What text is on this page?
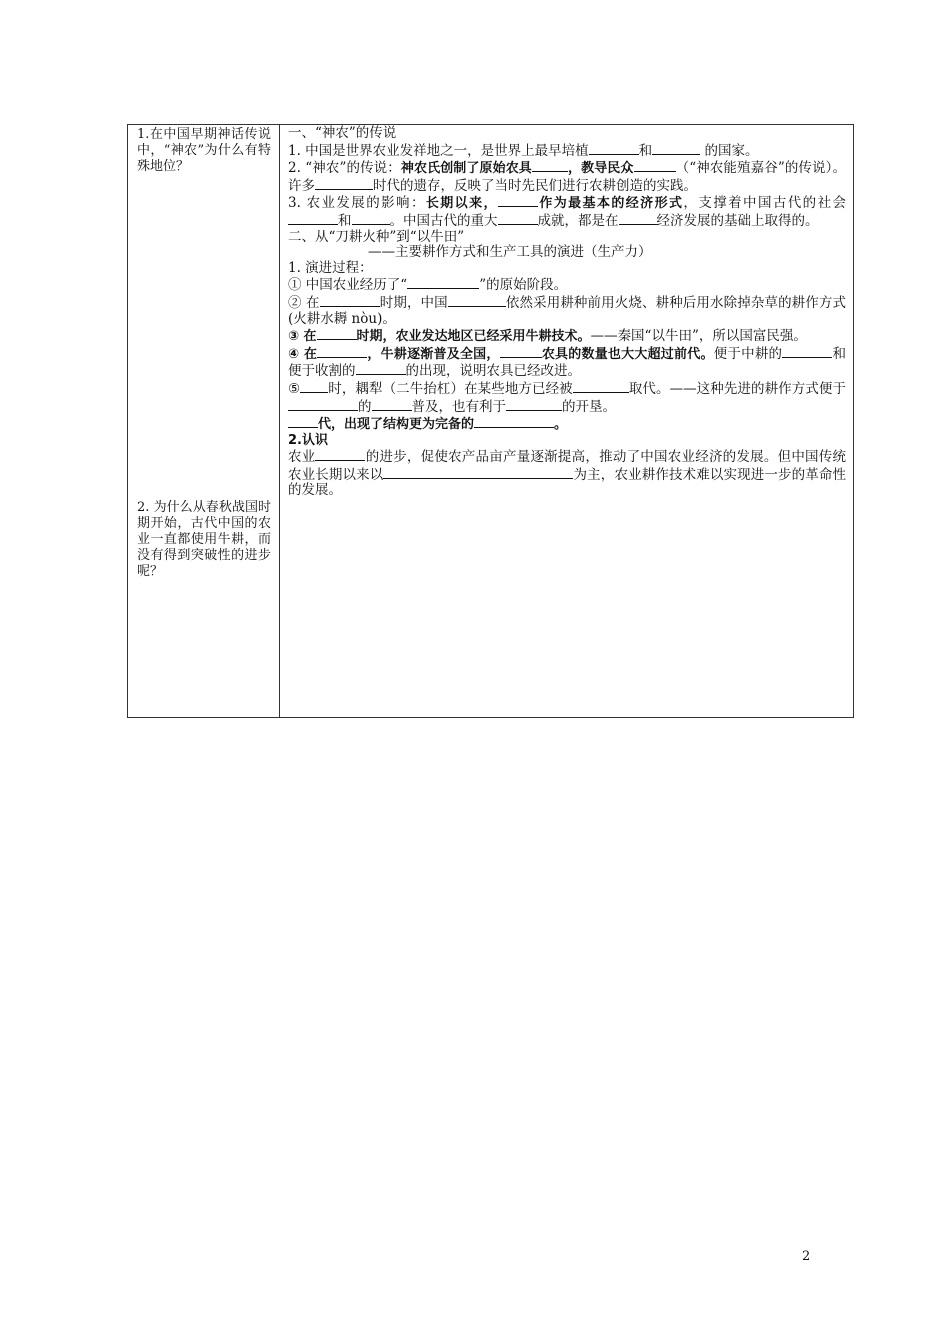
1.在中国早期神话传说中，“神农”为什么有特殊地位？
2. 为什么从春秋战国时期开始，古代中国的农业一直都使用牛耕，而没有得到突破性的进步呢？

一、“神农”的传说

1. 中国是世界农业发祥地之一，是世界上最早培植	和	的国家。

2. “神农”的传说：神农氏创制了原始农具	，教导民众	（“神农能殖嘉谷”的传说）。许多	时代的遗存，反映了当时先民们进行农耕创造的实践。

3. 农业发展的影响：长期以来，	作为最基本的经济形式，支撑着中国古代的社会和	。中国古代的重大	成就，都是在	经济发展的基础上取得的。

二、从“刀耕火种”到“以牛田”

——主要耕作方式和生产工具的演进（生产力）

1. 演进过程：

① 中国农业经历了“	”的原始阶段。

② 在	时期，中国	依然采用耕种前用火烧、耕种后用水除掉杂草的耕作方式(火耕水耨 nòu)。

③ 在	时期，农业发达地区已经采用牛耕技术。——秦国“以牛田”，所以国富民强。

④ 在	，牛耕逐渐普及全国，	农具的数量也大大超过前代。便于中耕的	和便于收割的	的出现，说明农具已经改进。

⑤ 时，耦犁（二牛抬杠）在某些地方已经被	取代。——这种先进的耕作方式便于的	普及，也有利于	的开垦。

代，出现了结构更为完备的	。

2.认识

农业	的进步，促使农产品亩产量逐渐提高，推动了中国农业经济的发展。但中国传统农业长期以来以	为主，农业耕作技术难以实现进一步的革命性的发展。

2
